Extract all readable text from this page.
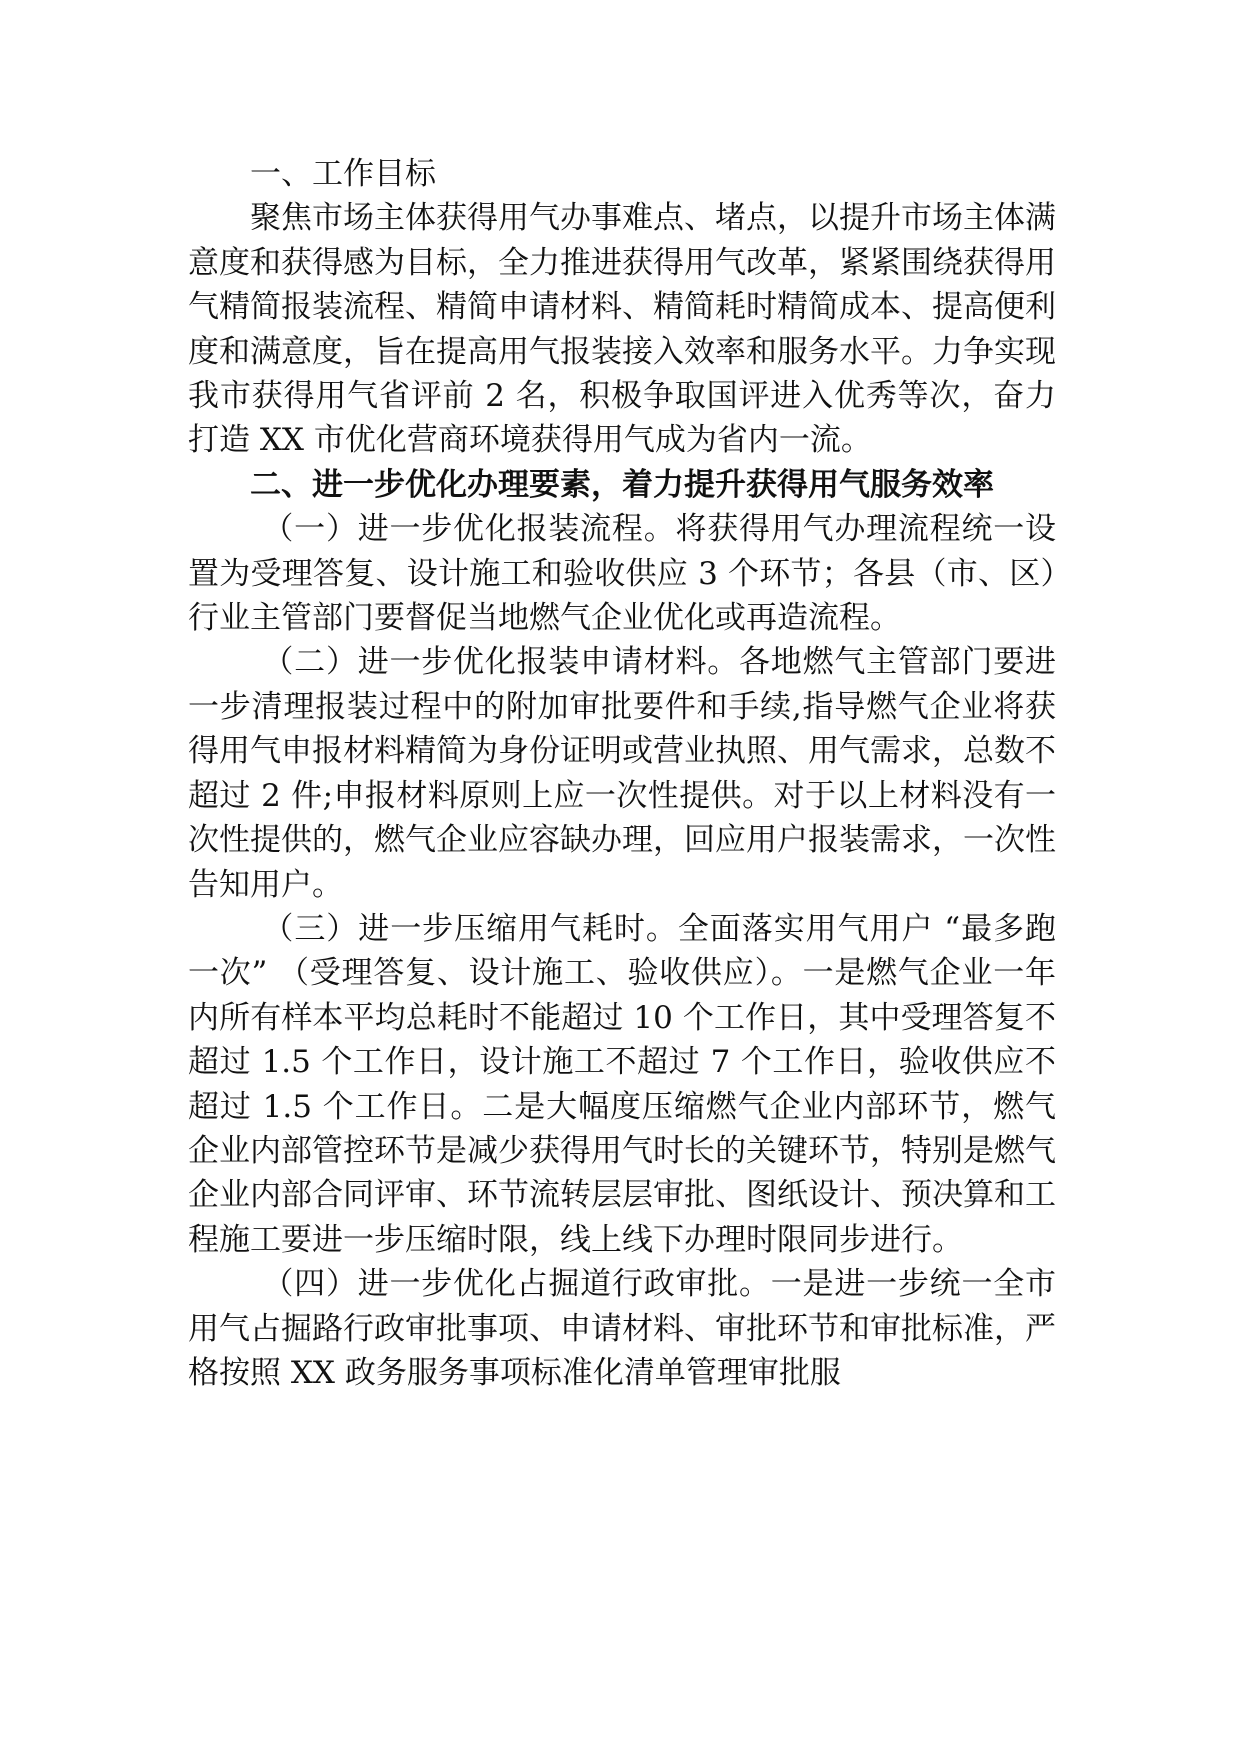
一、工作目标

聚焦市场主体获得用气办事难点、堵点，以提升市场主体满意度和获得感为目标，全力推进获得用气改革，紧紧围绕获得用气精简报装流程、精简申请材料、精简耗时精简成本、提高便利度和满意度，旨在提高用气报装接入效率和服务水平。力争实现我市获得用气省评前 2 名，积极争取国评进入优秀等次，奋力打造 XX 市优化营商环境获得用气成为省内一流。

二、进一步优化办理要素，着力提升获得用气服务效率

（一）进一步优化报装流程。将获得用气办理流程统一设置为受理答复、设计施工和验收供应 3 个环节；各县（市、区）行业主管部门要督促当地燃气企业优化或再造流程。

（二）进一步优化报装申请材料。各地燃气主管部门要进一步清理报装过程中的附加审批要件和手续,指导燃气企业将获得用气申报材料精简为身份证明或营业执照、用气需求，总数不超过 2 件;申报材料原则上应一次性提供。对于以上材料没有一次性提供的，燃气企业应容缺办理，回应用户报装需求，一次性告知用户。

（三）进一步压缩用气耗时。全面落实用气用户 “最多跑一次” （受理答复、设计施工、验收供应）。一是燃气企业一年内所有样本平均总耗时不能超过 10 个工作日，其中受理答复不超过 1.5 个工作日，设计施工不超过 7 个工作日，验收供应不超过 1.5 个工作日。二是大幅度压缩燃气企业内部环节，燃气企业内部管控环节是减少获得用气时长的关键环节，特别是燃气企业内部合同评审、环节流转层层审批、图纸设计、预决算和工程施工要进一步压缩时限，线上线下办理时限同步进行。

（四）进一步优化占掘道行政审批。一是进一步统一全市用气占掘路行政审批事项、申请材料、审批环节和审批标准，严格按照 XX 政务服务事项标准化清单管理审批服
